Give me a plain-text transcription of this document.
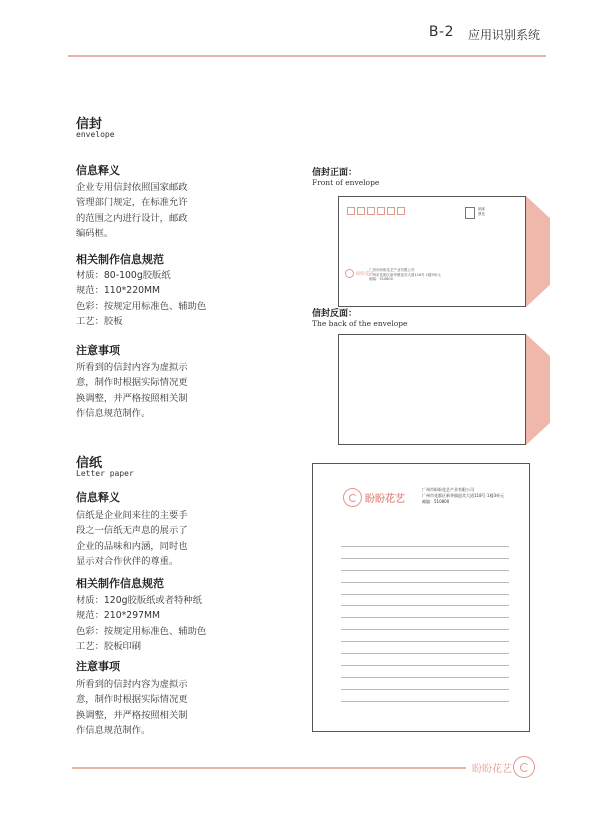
B-2 应用识别系统
信封
envelope
信息释义
企业专用信封依照国家邮政
管理部门规定，在标准允许
的范围之内进行设计，邮政
编码框。
相关制作信息规范
材质：80-100g胶版纸
规范：110*220MM
色彩：按规定用标准色、辅助色
工艺：胶板
注意事项
所看到的信封内容为虚拟示
意，制作时根据实际情况更
换调整，并严格按照相关制
作信息规范制作。
信封正面：
Front of envelope
贴邮
票处
盼盼花艺
广州市盼盼花艺产业有限公司
广州市花都区新华镇迎宾大道118号 1楼3单元
邮编：510800
信封反面：
The back of the envelope
信纸
Letter paper
信息释义
信纸是企业间来往的主要手
段之一信纸无声息的展示了
企业的品味和内涵，同时也
显示对合作伙伴的尊重。
相关制作信息规范
材质：120g胶版纸或者特种纸
规范：210*297MM
色彩：按规定用标准色、辅助色
工艺：胶板印刷
注意事项
所看到的信封内容为虚拟示
意，制作时根据实际情况更
换调整，并严格按照相关制
作信息规范制作。
盼盼花艺
广州市盼盼花艺产业有限公司
广州市花都区新华镇迎宾大道118号 1楼3单元
邮编：510800
盼盼花艺
